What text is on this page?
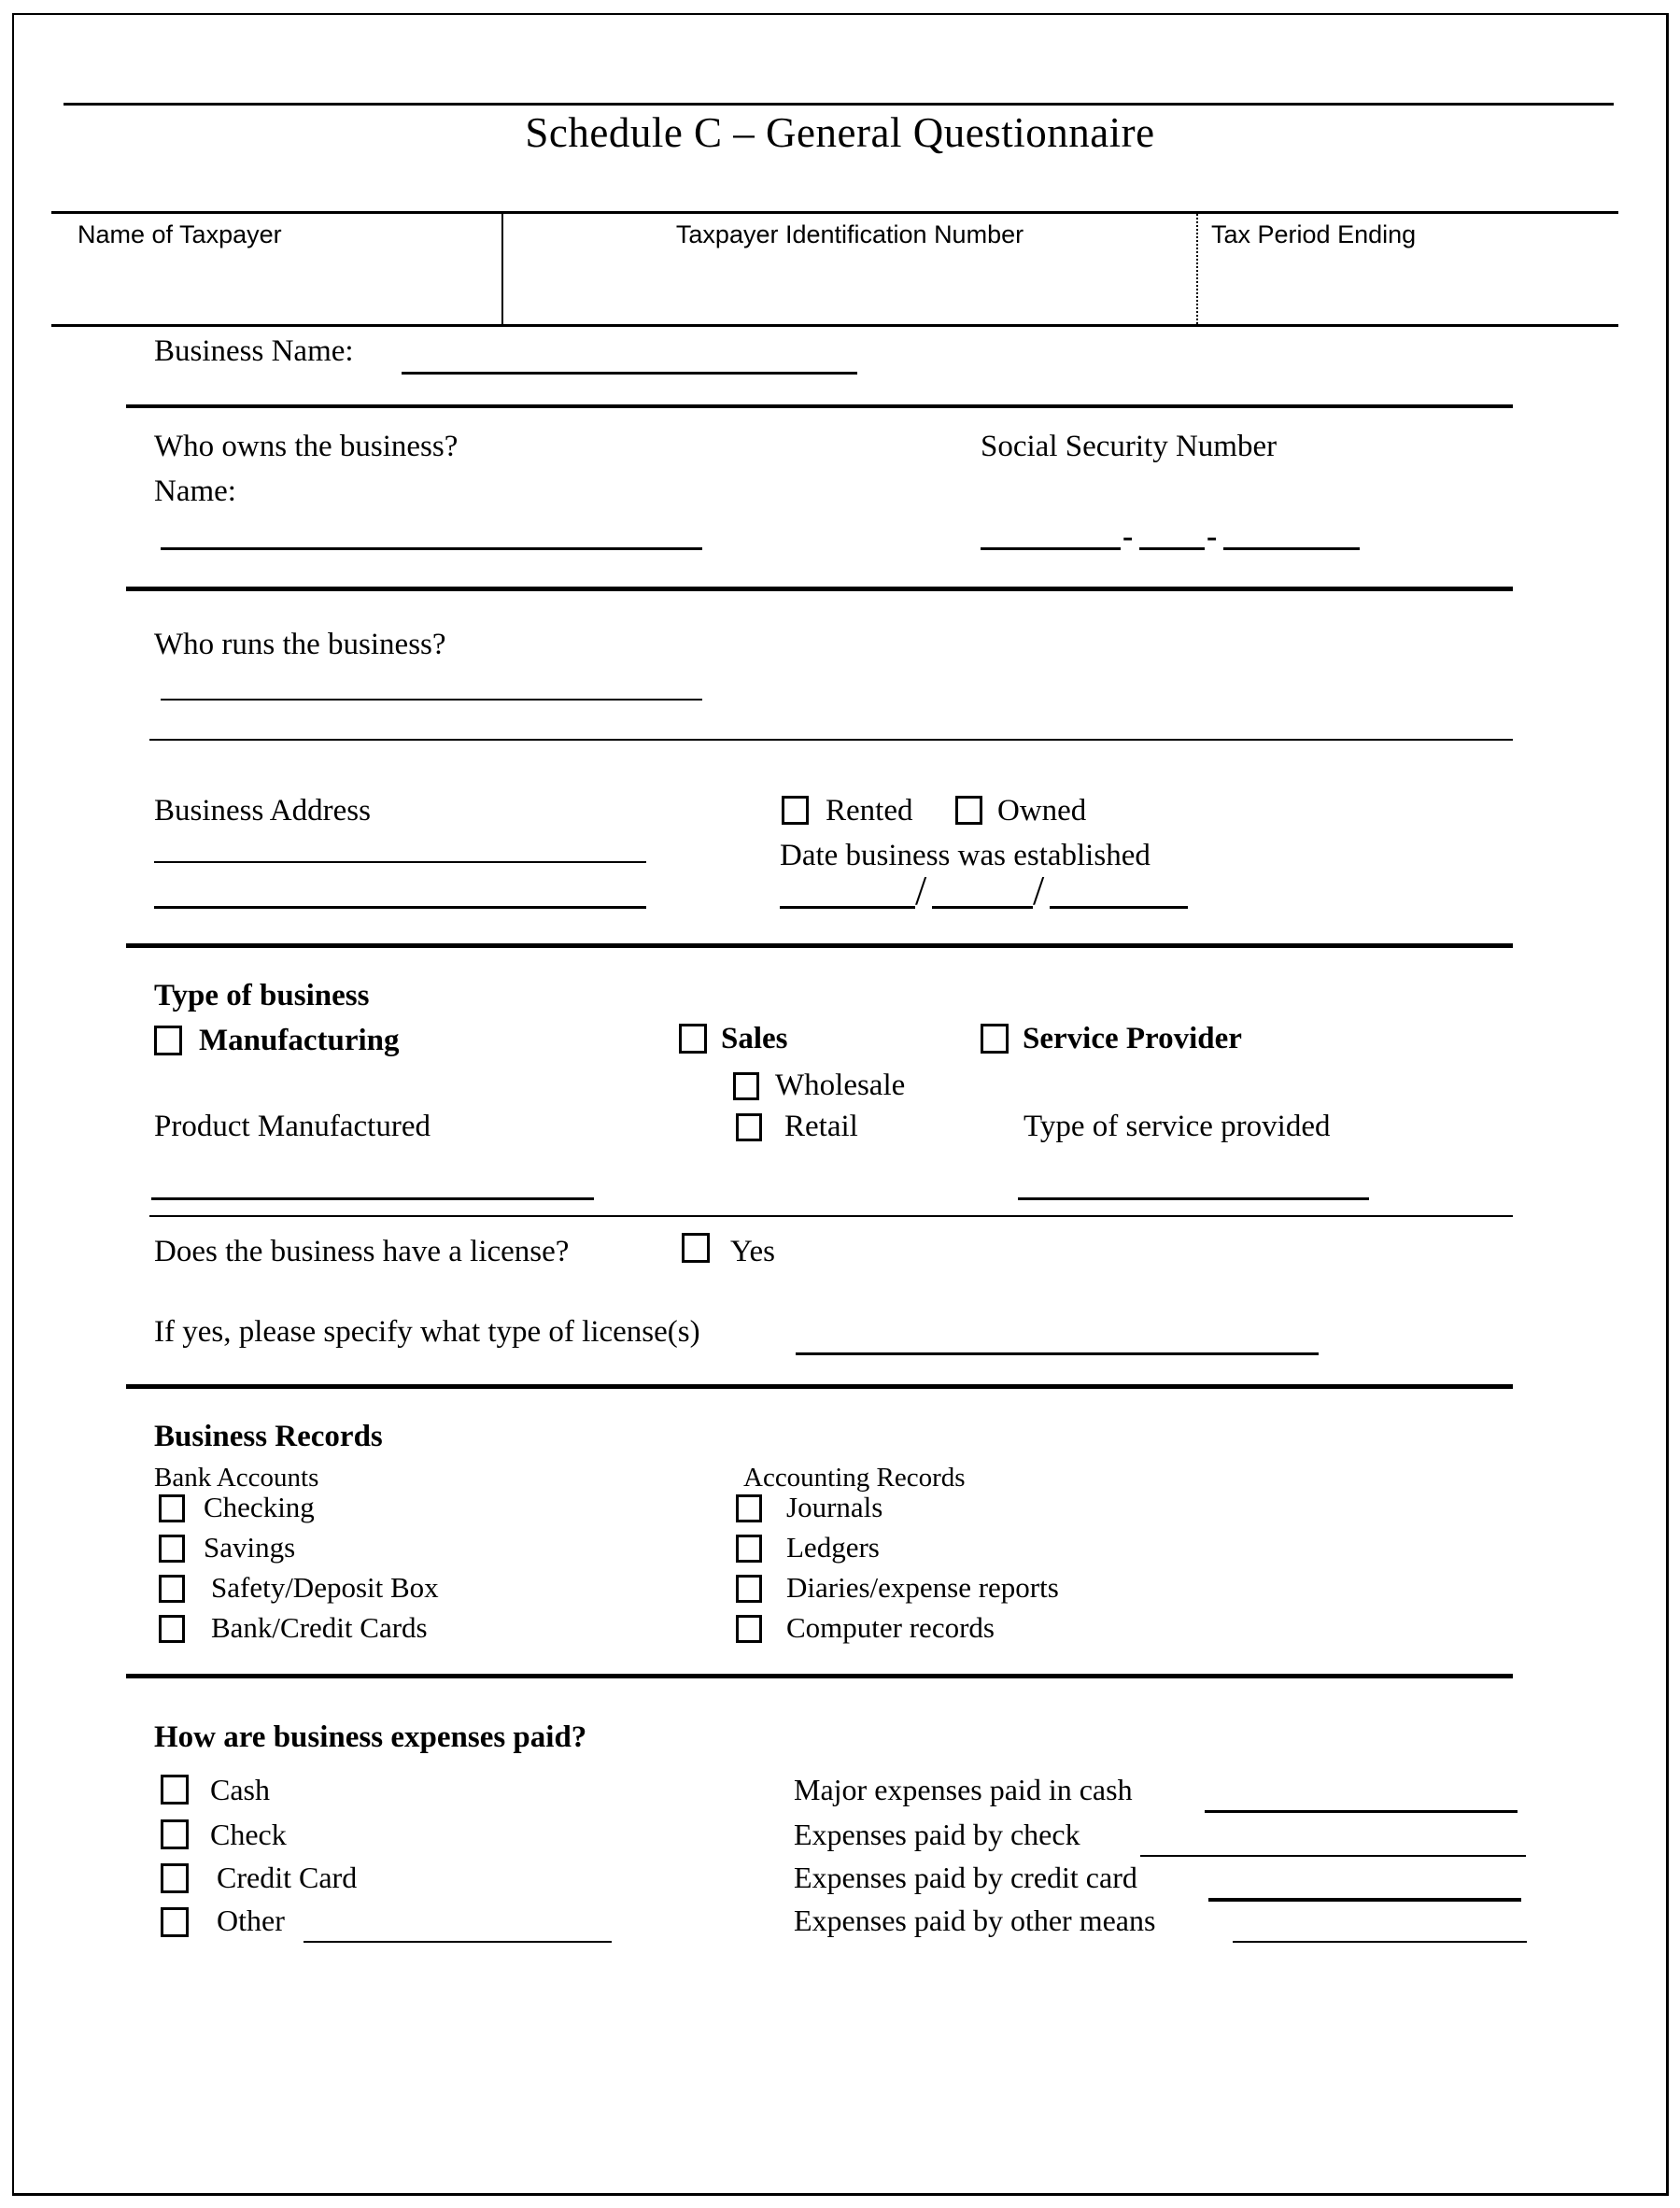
Schedule C – General Questionnaire
Name of Taxpayer	Taxpayer Identification Number	Tax Period Ending
Business Name:
Who owns the business?	Social Security Number
Name:
- -
Who runs the business?
Business Address	Rented	Owned
Date business was established
/	/
Type of business
Manufacturing	Sales	Service Provider
Wholesale
Retail
Product Manufactured	Type of service provided
Does the business have a license?	Yes
If yes, please specify what type of license(s)
Business Records
Bank Accounts	Accounting Records
Checking	Journals
Savings	Ledgers
Safety/Deposit Box	Diaries/expense reports
Bank/Credit Cards	Computer records
How are business expenses paid?
Cash	Major expenses paid in cash
Check	Expenses paid by check
Credit Card	Expenses paid by credit card
Other	Expenses paid by other means
